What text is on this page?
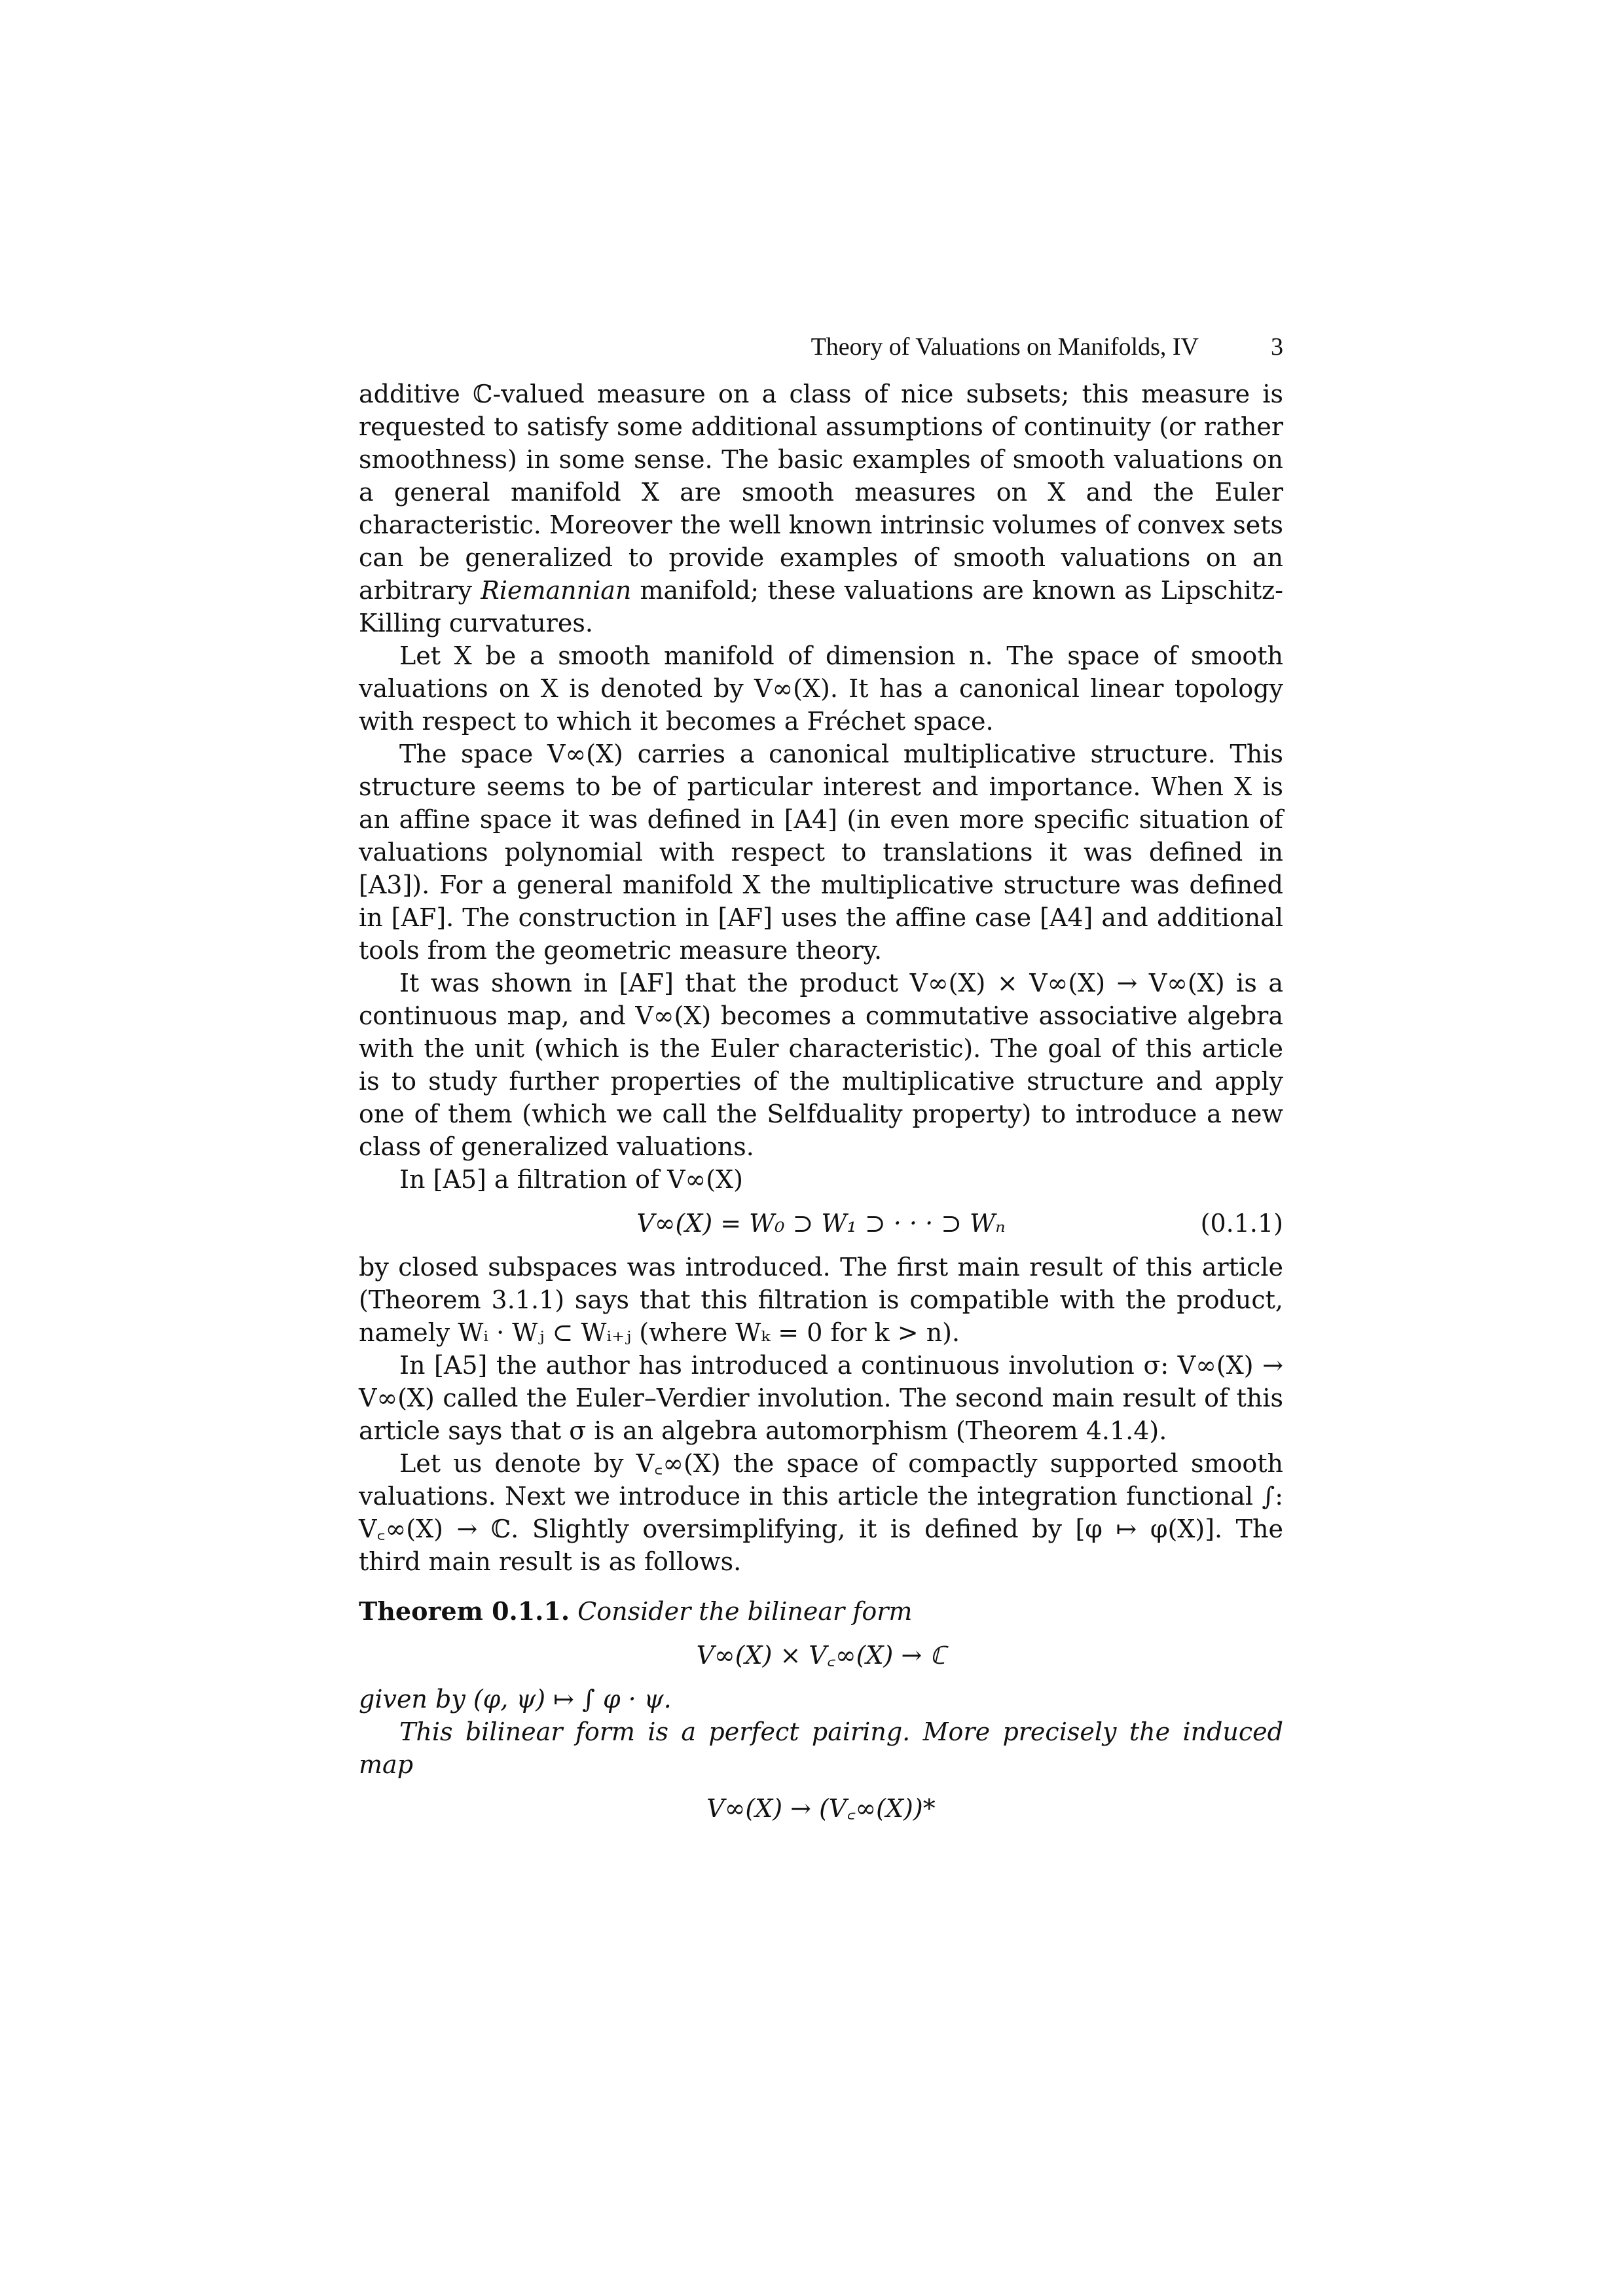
Theory of Valuations on Manifolds, IV	3

additive ℂ-valued measure on a class of nice subsets; this measure is requested to satisfy some additional assumptions of continuity (or rather smoothness) in some sense. The basic examples of smooth valuations on a general manifold X are smooth measures on X and the Euler characteristic. Moreover the well known intrinsic volumes of convex sets can be generalized to provide examples of smooth valuations on an arbitrary Riemannian manifold; these valuations are known as Lipschitz-Killing curvatures.

Let X be a smooth manifold of dimension n. The space of smooth valuations on X is denoted by V∞(X). It has a canonical linear topology with respect to which it becomes a Fréchet space.

The space V∞(X) carries a canonical multiplicative structure. This structure seems to be of particular interest and importance. When X is an affine space it was defined in [A4] (in even more specific situation of valuations polynomial with respect to translations it was defined in [A3]). For a general manifold X the multiplicative structure was defined in [AF]. The construction in [AF] uses the affine case [A4] and additional tools from the geometric measure theory.

It was shown in [AF] that the product V∞(X) × V∞(X) → V∞(X) is a continuous map, and V∞(X) becomes a commutative associative algebra with the unit (which is the Euler characteristic). The goal of this article is to study further properties of the multiplicative structure and apply one of them (which we call the Selfduality property) to introduce a new class of generalized valuations.

In [A5] a filtration of V∞(X)

V∞(X) = W₀ ⊃ W₁ ⊃ · · · ⊃ Wₙ	(0.1.1)

by closed subspaces was introduced. The first main result of this article (Theorem 3.1.1) says that this filtration is compatible with the product, namely Wᵢ · Wⱼ ⊂ Wᵢ₊ⱼ (where Wₖ = 0 for k > n).

In [A5] the author has introduced a continuous involution σ: V∞(X) → V∞(X) called the Euler–Verdier involution. The second main result of this article says that σ is an algebra automorphism (Theorem 4.1.4).

Let us denote by V꜀∞(X) the space of compactly supported smooth valuations. Next we introduce in this article the integration functional ∫: V꜀∞(X) → ℂ. Slightly oversimplifying, it is defined by [φ ↦ φ(X)]. The third main result is as follows.

Theorem 0.1.1. Consider the bilinear form

V∞(X) × V꜀∞(X) → ℂ

given by (φ, ψ) ↦ ∫ φ · ψ.

This bilinear form is a perfect pairing. More precisely the induced map

V∞(X) → (V꜀∞(X))*
